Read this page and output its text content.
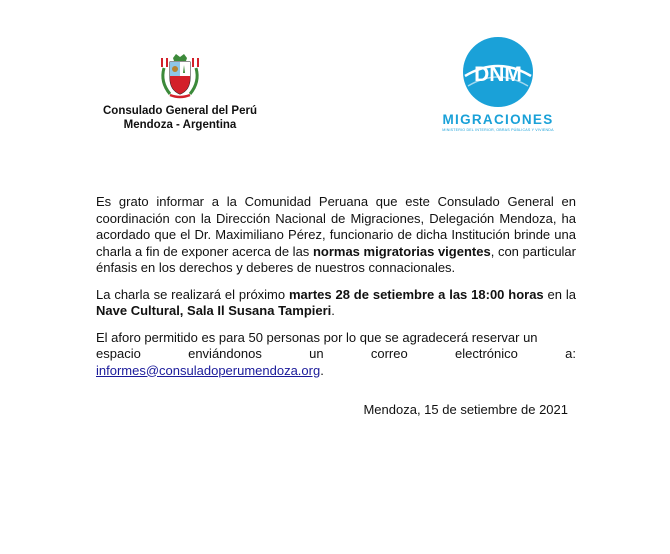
Consulado General del Perú
Mendoza - Argentina
DNM
MIGRACIONES
MINISTERIO DEL INTERIOR, OBRAS PÚBLICAS Y VIVIENDA

Es grato informar a la Comunidad Peruana que este Consulado General en coordinación con la Dirección Nacional de Migraciones, Delegación Mendoza, ha acordado que el Dr. Maximiliano Pérez, funcionario de dicha Institución brinde una charla a fin de exponer acerca de las normas migratorias vigentes, con particular énfasis en los derechos y deberes de nuestros connacionales.

La charla se realizará el próximo martes 28 de setiembre a las 18:00 horas en la Nave Cultural, Sala Il Susana Tampieri.

El aforo permitido es para 50 personas por lo que se agradecerá reservar un
espacio	enviándonos	un	correo	electrónico	a:
informes@consuladoperumendoza.org.
Mendoza, 15 de setiembre de 2021
